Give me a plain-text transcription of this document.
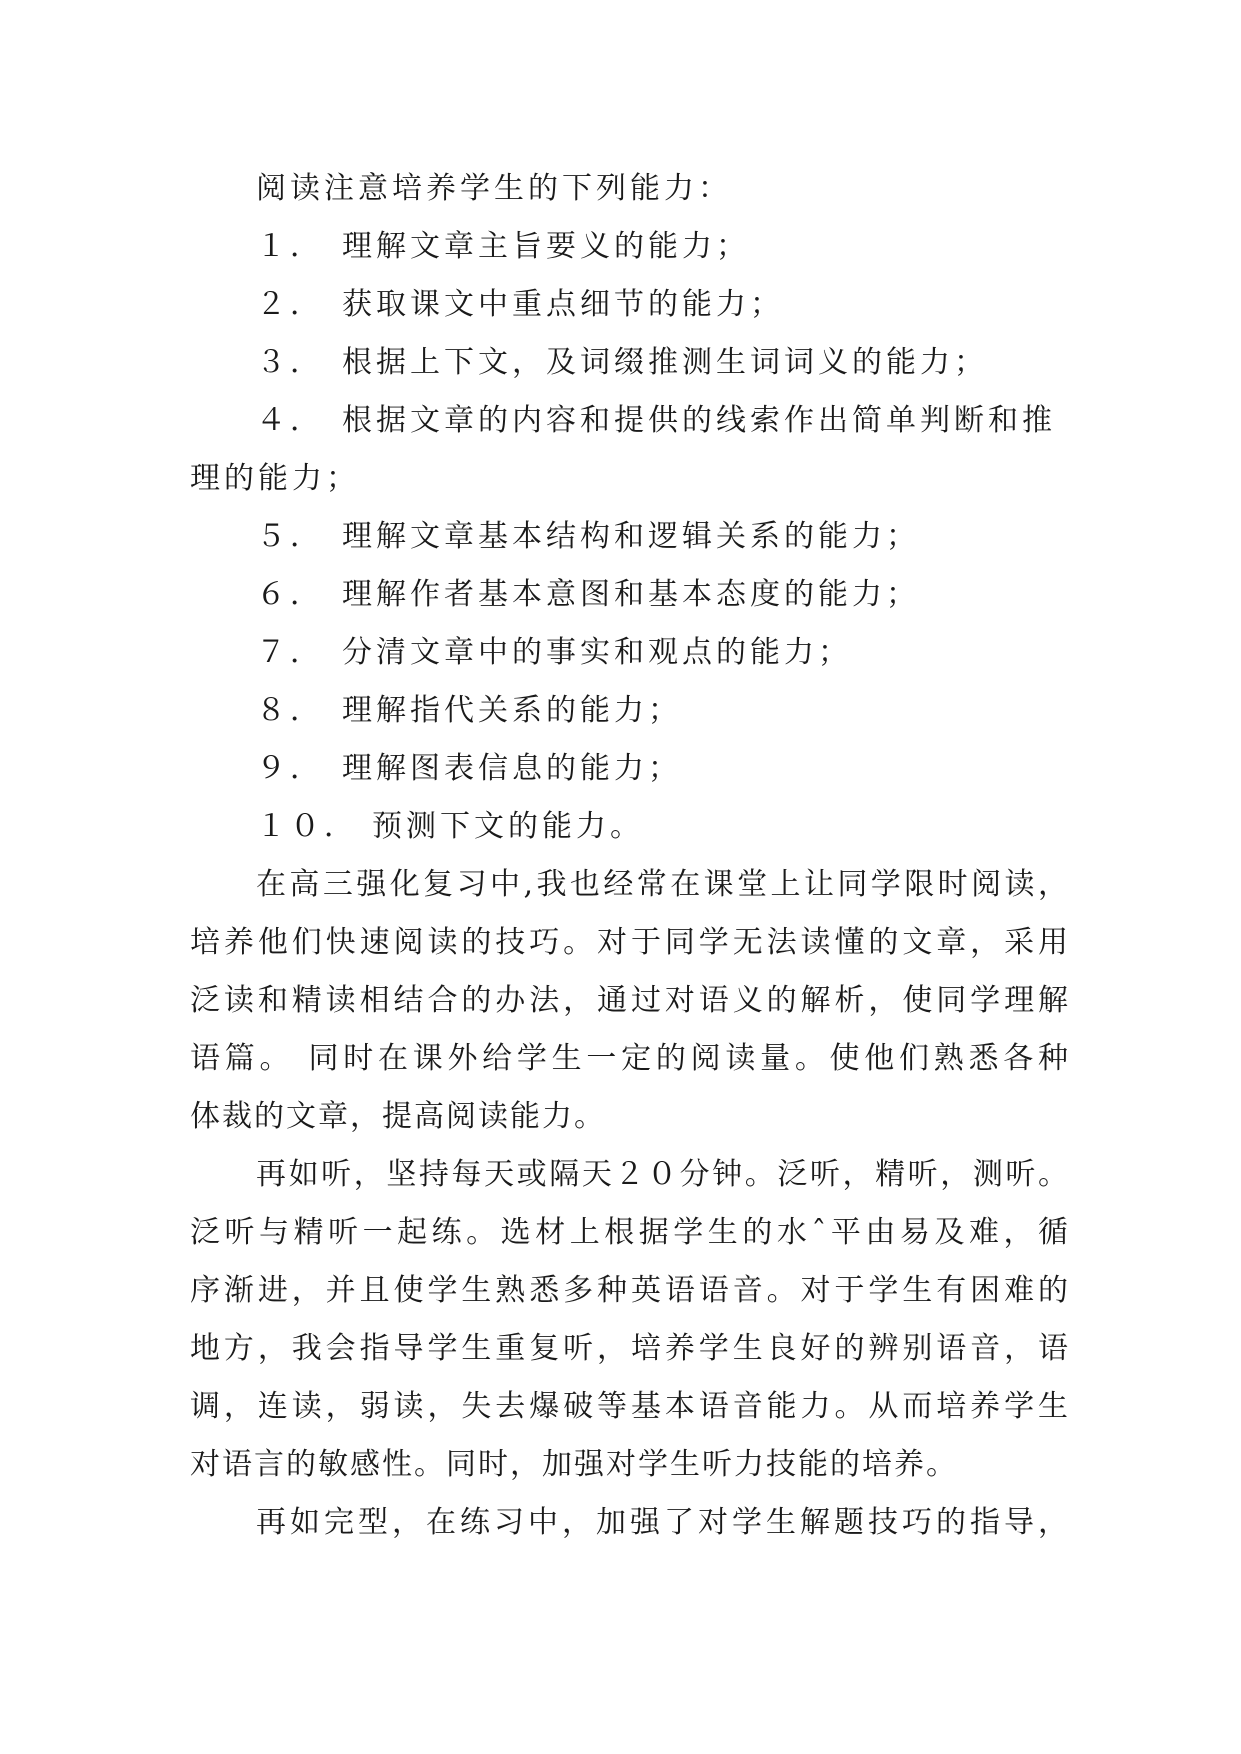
阅读注意培养学生的下列能力：
１． 理解文章主旨要义的能力；
２． 获取课文中重点细节的能力；
３． 根据上下文，及词缀推测生词词义的能力；
４． 根据文章的内容和提供的线索作出简单判断和推
理的能力；
５． 理解文章基本结构和逻辑关系的能力；
６． 理解作者基本意图和基本态度的能力；
７． 分清文章中的事实和观点的能力；
８． 理解指代关系的能力；
９． 理解图表信息的能力；
１０． 预测下文的能力。
在高三强化复习中,我也经常在课堂上让同学限时阅读，
培养他们快速阅读的技巧。对于同学无法读懂的文章，采用
泛读和精读相结合的办法，通过对语义的解析，使同学理解
语篇。 同时在课外给学生一定的阅读量。使他们熟悉各种
体裁的文章，提高阅读能力。
再如听，坚持每天或隔天２０分钟。泛听，精听，测听。
泛听与精听一起练。选材上根据学生的水ˆ平由易及难，循
序渐进，并且使学生熟悉多种英语语音。对于学生有困难的
地方，我会指导学生重复听，培养学生良好的辨别语音，语
调，连读，弱读，失去爆破等基本语音能力。从而培养学生
对语言的敏感性。同时，加强对学生听力技能的培养。
再如完型，在练习中，加强了对学生解题技巧的指导，
